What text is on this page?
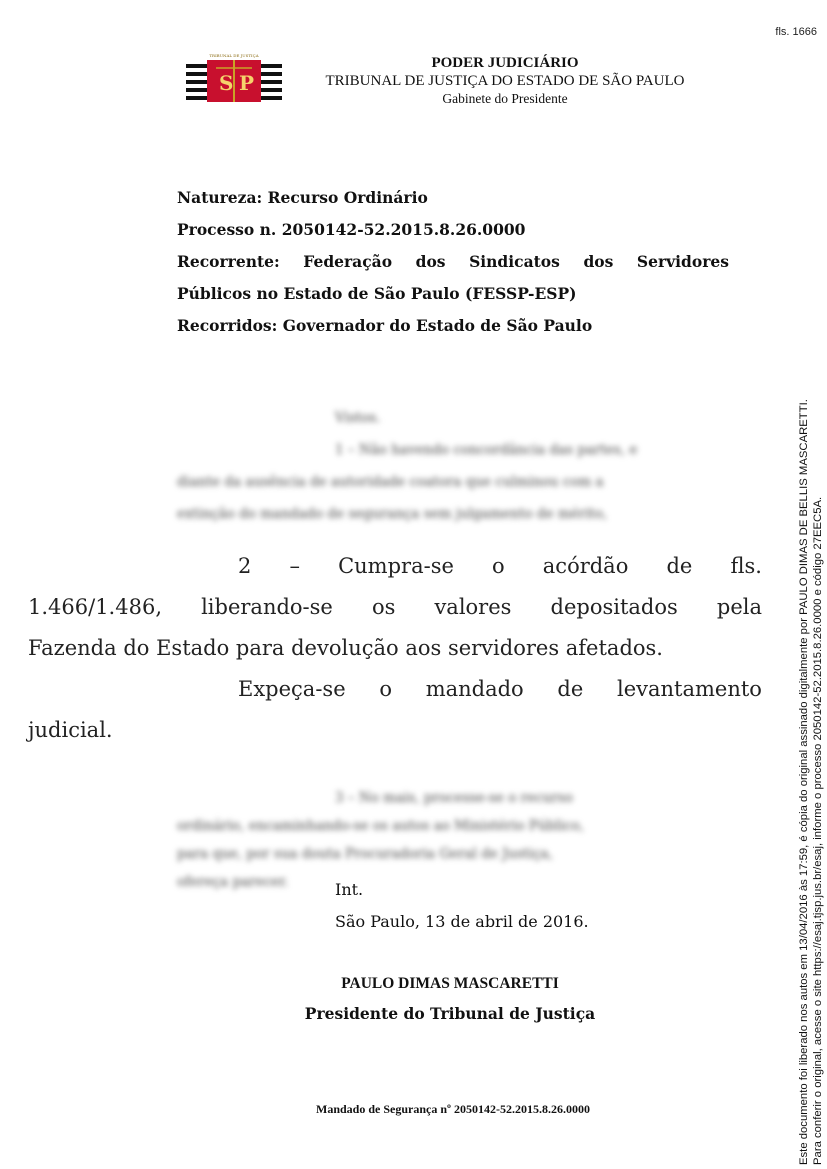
fls. 1666
S P
TRIBUNAL DE JUSTIÇA	PODER JUDICIÁRIO
TRIBUNAL DE JUSTIÇA DO ESTADO DE SÃO PAULO
Gabinete do Presidente
Natureza: Recurso Ordinário
Processo n. 2050142-52.2015.8.26.0000
Recorrente: Federação dos Sindicatos dos Servidores
Públicos no Estado de São Paulo (FESSP-ESP)
Recorridos: Governador do Estado de São Paulo
Vistos.
1 – Não havendo concordância das partes, e
diante da ausência de autoridade coatora que culminou com a
extinção do mandado de segurança sem julgamento de mérito,
3 – No mais, processe-se o recurso
ordinário, encaminhando-se os autos ao Ministério Público,
para que, por sua douta Procuradoria Geral de Justiça,
ofereça parecer.
2 – Cumpra-se o acórdão de fls.
1.466/1.486, liberando-se os valores depositados pela
Fazenda do Estado para devolução aos servidores afetados.
Expeça-se o mandado de levantamento
judicial.
Int.
São Paulo, 13 de abril de 2016.
PAULO DIMAS MASCARETTI
Presidente do Tribunal de Justiça
Mandado de Segurança nº 2050142-52.2015.8.26.0000	Este documento foi liberado nos autos em 13/04/2016 às 17:59, é cópia do original assinado digitalmente por PAULO DIMAS DE BELLIS MASCARETTI. Para conferir o original, acesse o site https://esaj.tjsp.jus.br/esaj, informe o processo 2050142-52.2015.8.26.0000 e código 27EEC5A.
